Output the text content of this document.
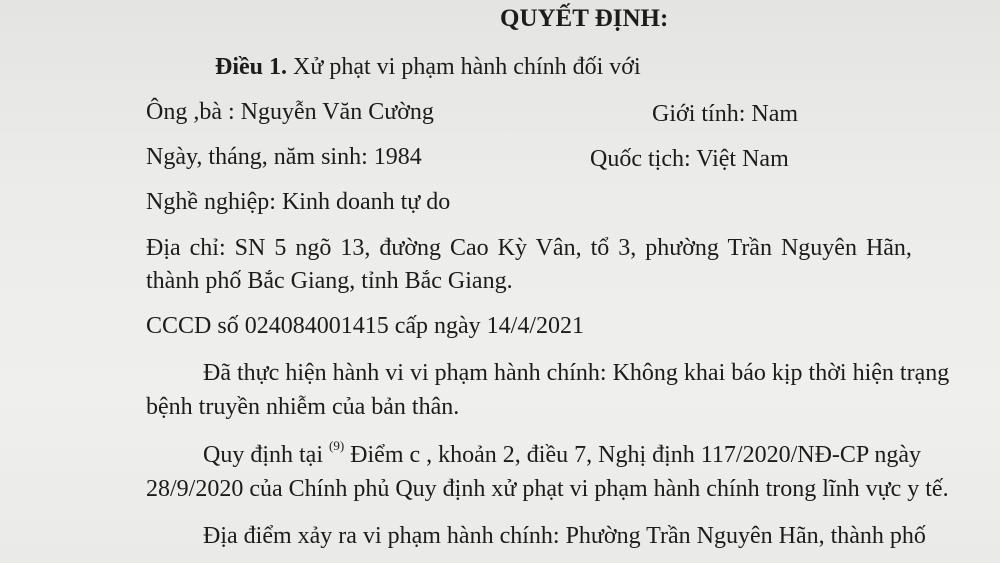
QUYẾT ĐỊNH:
Điều 1. Xử phạt vi phạm hành chính đối với
Ông ,bà : Nguyễn Văn Cường	Giới tính: Nam
Ngày, tháng, năm sinh: 1984	Quốc tịch: Việt Nam
Nghề nghiệp: Kinh doanh tự do
Địa chỉ: SN 5 ngõ 13, đường Cao Kỳ Vân, tổ 3, phường Trần Nguyên Hãn,
thành phố Bắc Giang, tỉnh Bắc Giang.
CCCD số 024084001415 cấp ngày 14/4/2021
Đã thực hiện hành vi vi phạm hành chính: Không khai báo kịp thời hiện trạng
bệnh truyền nhiễm của bản thân.
Quy định tại $^{(9)}$ Điểm c , khoản 2, điều 7, Nghị định 117/2020/NĐ-CP ngày
28/9/2020 của Chính phủ Quy định xử phạt vi phạm hành chính trong lĩnh vực y tế.
Địa điểm xảy ra vi phạm hành chính: Phường Trần Nguyên Hãn, thành phố
